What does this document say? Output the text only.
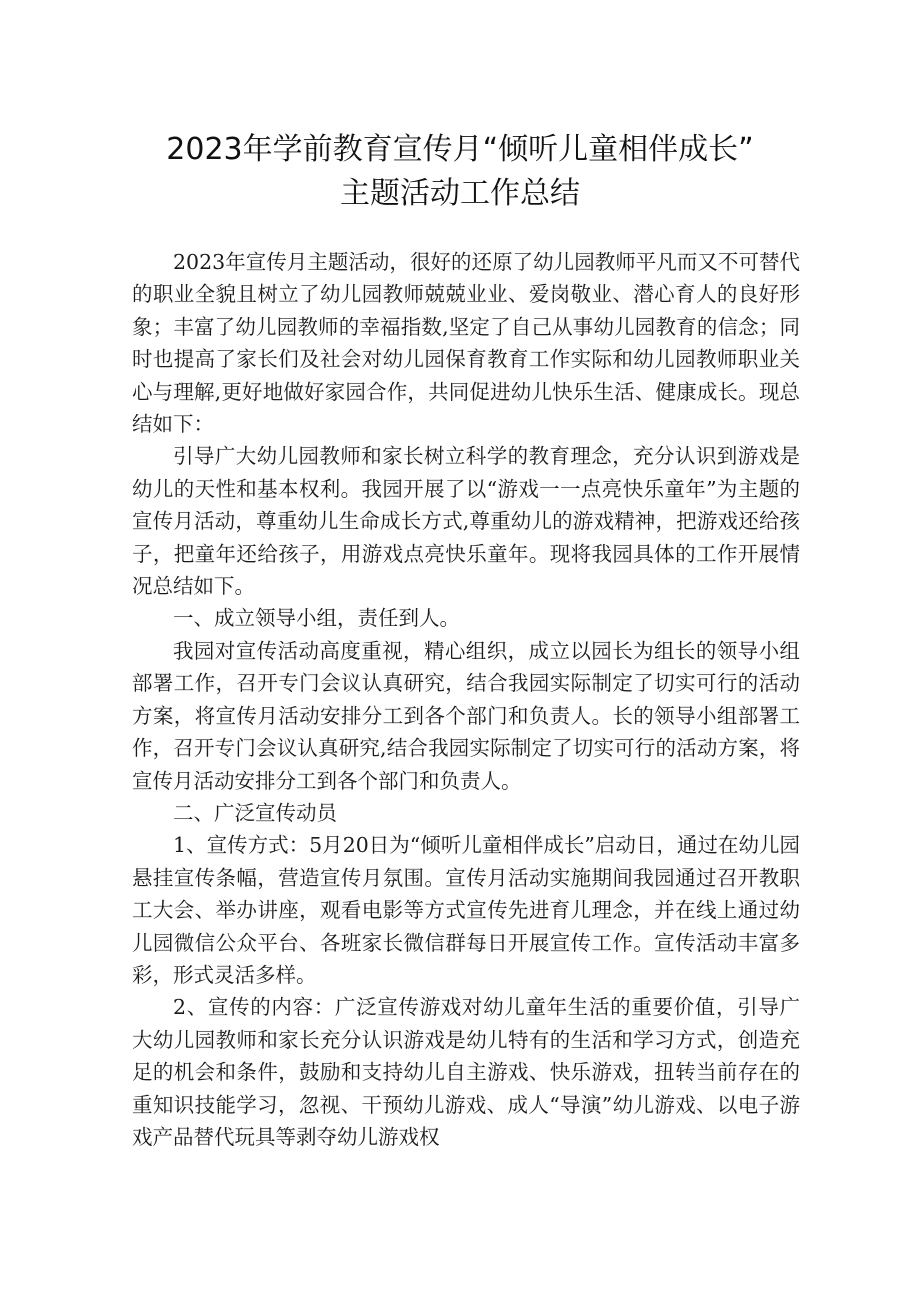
2023年学前教育宣传月“倾听儿童相伴成长”
主题活动工作总结

2023年宣传月主题活动，很好的还原了幼儿园教师平凡而又不可替代的职业全貌且树立了幼儿园教师兢兢业业、爱岗敬业、潜心育人的良好形象；丰富了幼儿园教师的幸福指数,坚定了自己从事幼儿园教育的信念；同时也提高了家长们及社会对幼儿园保育教育工作实际和幼儿园教师职业关心与理解,更好地做好家园合作，共同促进幼儿快乐生活、健康成长。现总结如下：

引导广大幼儿园教师和家长树立科学的教育理念，充分认识到游戏是幼儿的天性和基本权利。我园开展了以“游戏一一点亮快乐童年”为主题的宣传月活动，尊重幼儿生命成长方式,尊重幼儿的游戏精神，把游戏还给孩子，把童年还给孩子，用游戏点亮快乐童年。现将我园具体的工作开展情况总结如下。

一、成立领导小组，责任到人。

我园对宣传活动高度重视，精心组织，成立以园长为组长的领导小组部署工作，召开专门会议认真研究，结合我园实际制定了切实可行的活动方案，将宣传月活动安排分工到各个部门和负责人。长的领导小组部署工作，召开专门会议认真研究,结合我园实际制定了切实可行的活动方案，将宣传月活动安排分工到各个部门和负责人。

二、广泛宣传动员

1、宣传方式：5月20日为“倾听儿童相伴成长”启动日，通过在幼儿园悬挂宣传条幅，营造宣传月氛围。宣传月活动实施期间我园通过召开教职工大会、举办讲座，观看电影等方式宣传先进育儿理念，并在线上通过幼儿园微信公众平台、各班家长微信群每日开展宣传工作。宣传活动丰富多彩，形式灵活多样。

2、宣传的内容：广泛宣传游戏对幼儿童年生活的重要价值，引导广大幼儿园教师和家长充分认识游戏是幼儿特有的生活和学习方式，创造充足的机会和条件，鼓励和支持幼儿自主游戏、快乐游戏，扭转当前存在的重知识技能学习，忽视、干预幼儿游戏、成人“导演”幼儿游戏、以电子游戏产品替代玩具等剥夺幼儿游戏权
